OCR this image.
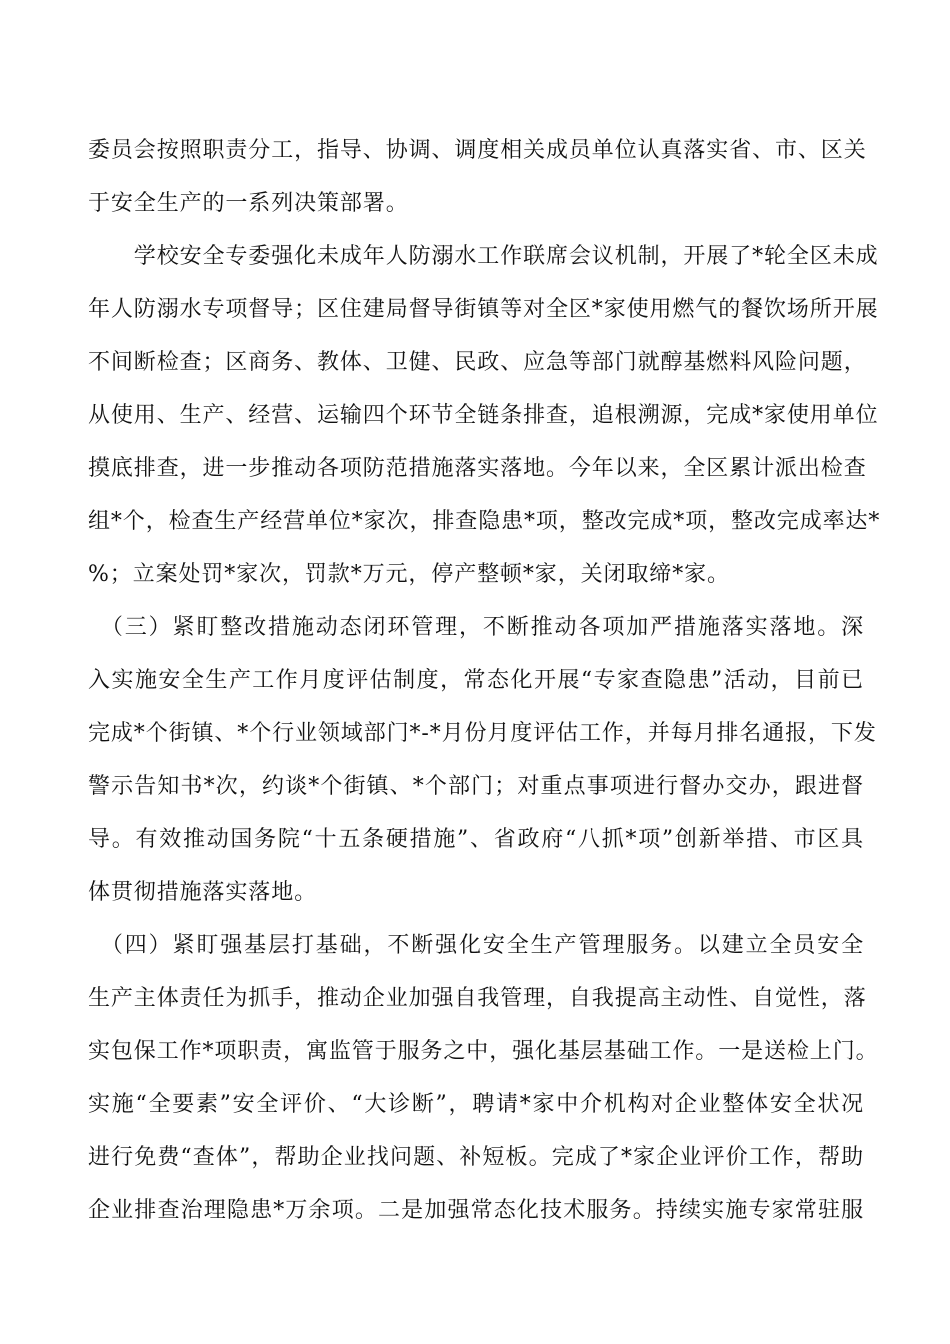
委员会按照职责分工，指导、协调、调度相关成员单位认真落实省、市、区关
于安全生产的一系列决策部署。
　　学校安全专委强化未成年人防溺水工作联席会议机制，开展了*轮全区未成
年人防溺水专项督导；区住建局督导街镇等对全区*家使用燃气的餐饮场所开展
不间断检查；区商务、教体、卫健、民政、应急等部门就醇基燃料风险问题，
从使用、生产、经营、运输四个环节全链条排查，追根溯源，完成*家使用单位
摸底排查，进一步推动各项防范措施落实落地。今年以来，全区累计派出检查
组*个，检查生产经营单位*家次，排查隐患*项，整改完成*项，整改完成率达*
%；立案处罚*家次，罚款*万元，停产整顿*家，关闭取缔*家。
　（三）紧盯整改措施动态闭环管理，不断推动各项加严措施落实落地。深
入实施安全生产工作月度评估制度，常态化开展“专家查隐患”活动，目前已
完成*个街镇、*个行业领域部门*-*月份月度评估工作，并每月排名通报，下发
警示告知书*次，约谈*个街镇、*个部门；对重点事项进行督办交办，跟进督
导。有效推动国务院“十五条硬措施”、省政府“八抓*项”创新举措、市区具
体贯彻措施落实落地。
　（四）紧盯强基层打基础，不断强化安全生产管理服务。以建立全员安全
生产主体责任为抓手，推动企业加强自我管理，自我提高主动性、自觉性，落
实包保工作*项职责，寓监管于服务之中，强化基层基础工作。一是送检上门。
实施“全要素”安全评价、“大诊断”，聘请*家中介机构对企业整体安全状况
进行免费“查体”，帮助企业找问题、补短板。完成了*家企业评价工作，帮助
企业排查治理隐患*万余项。二是加强常态化技术服务。持续实施专家常驻服
